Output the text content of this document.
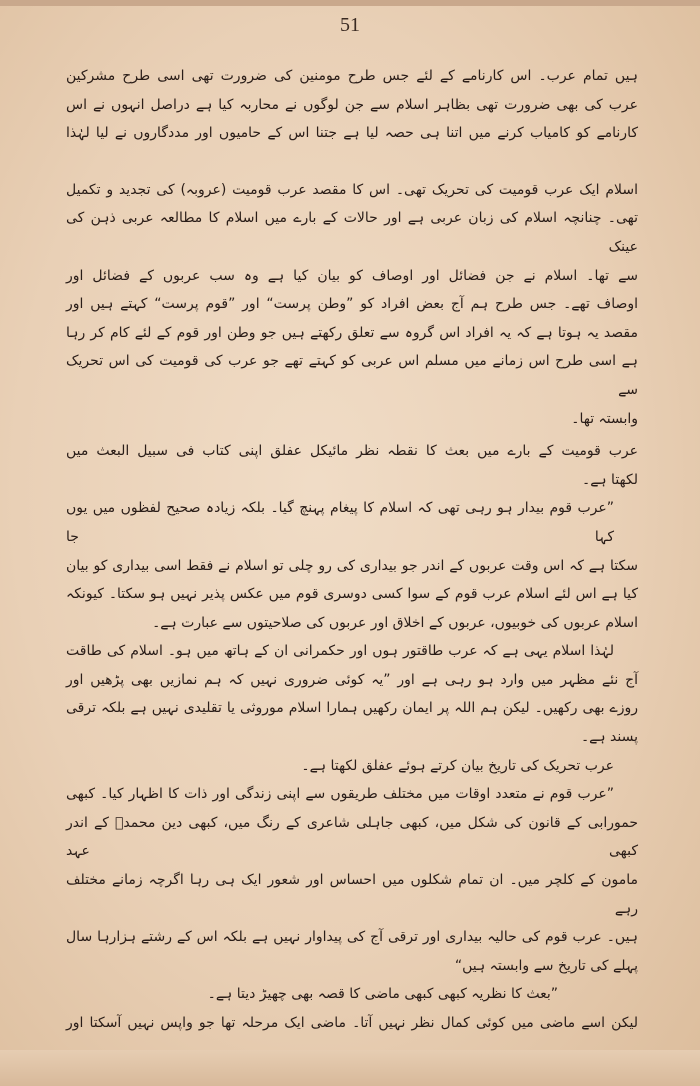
51
ہیں تمام عرب۔ اس کارنامے کے لئے جس طرح مومنین کی ضرورت تھی اسی طرح مشرکین
عرب کی بھی ضرورت تھی بظاہر اسلام سے جن لوگوں نے محاربہ کیا ہے دراصل انہوں نے اس
کارنامے کو کامیاب کرنے میں اتنا ہی حصہ لیا ہے جتنا اس کے حامیوں اور مددگاروں نے لیا لہٰذا
اسلام ایک عرب قومیت کی تحریک تھی۔ اس کا مقصد عرب قومیت (عروبہ) کی تجدید و تکمیل
تھی۔ چنانچہ اسلام کی زبان عربی ہے اور حالات کے بارے میں اسلام کا مطالعہ عربی ذہن کی عینک
سے تھا۔ اسلام نے جن فضائل اور اوصاف کو بیان کیا ہے وہ سب عربوں کے فضائل اور
اوصاف تھے۔ جس طرح ہم آج بعض افراد کو ”وطن پرست“ اور ”قوم پرست“ کہتے ہیں اور
مقصد یہ ہوتا ہے کہ یہ افراد اس گروہ سے تعلق رکھتے ہیں جو وطن اور قوم کے لئے کام کر رہا
ہے اسی طرح اس زمانے میں مسلم اس عربی کو کہتے تھے جو عرب کی قومیت کی اس تحریک سے
وابستہ تھا۔
عرب قومیت کے بارے میں بعث کا نقطہ نظر مائیکل عفلق اپنی کتاب فی سبیل البعث میں
لکھتا ہے۔
”عرب قوم بیدار ہو رہی تھی کہ اسلام کا پیغام پہنچ گیا۔ بلکہ زیادہ صحیح لفظوں میں یوں کہا جا
سکتا ہے کہ اس وقت عربوں کے اندر جو بیداری کی رو چلی تو اسلام نے فقط اسی بیداری کو بیان
کیا ہے اس لئے اسلام عرب قوم کے سوا کسی دوسری قوم میں عکس پذیر نہیں ہو سکتا۔ کیونکہ
اسلام عربوں کی خوبیوں، عربوں کے اخلاق اور عربوں کی صلاحیتوں سے عبارت ہے۔
لہٰذا اسلام یہی ہے کہ عرب طاقتور ہوں اور حکمرانی ان کے ہاتھ میں ہو۔ اسلام کی طاقت
آج نئے مظہر میں وارد ہو رہی ہے اور ”یہ کوئی ضروری نہیں کہ ہم نمازیں بھی پڑھیں اور
روزے بھی رکھیں۔ لیکن ہم اللہ پر ایمان رکھیں ہمارا اسلام موروثی یا تقلیدی نہیں ہے بلکہ ترقی
پسند ہے۔
عرب تحریک کی تاریخ بیان کرتے ہوئے عفلق لکھتا ہے۔
”عرب قوم نے متعدد اوقات میں مختلف طریقوں سے اپنی زندگی اور ذات کا اظہار کیا۔ کبھی
حمورابی کے قانون کی شکل میں، کبھی جاہلی شاعری کے رنگ میں، کبھی دین محمدؐ کے اندر کبھی عہد
مامون کے کلچر میں۔ ان تمام شکلوں میں احساس اور شعور ایک ہی رہا اگرچہ زمانے مختلف رہے
ہیں۔ عرب قوم کی حالیہ بیداری اور ترقی آج کی پیداوار نہیں ہے بلکہ اس کے رشتے ہزارہا سال
پہلے کی تاریخ سے وابستہ ہیں“
”بعث کا نظریہ کبھی کبھی ماضی کا قصہ بھی چھیڑ دیتا ہے۔
لیکن اسے ماضی میں کوئی کمال نظر نہیں آتا۔ ماضی ایک مرحلہ تھا جو واپس نہیں آسکتا اور
